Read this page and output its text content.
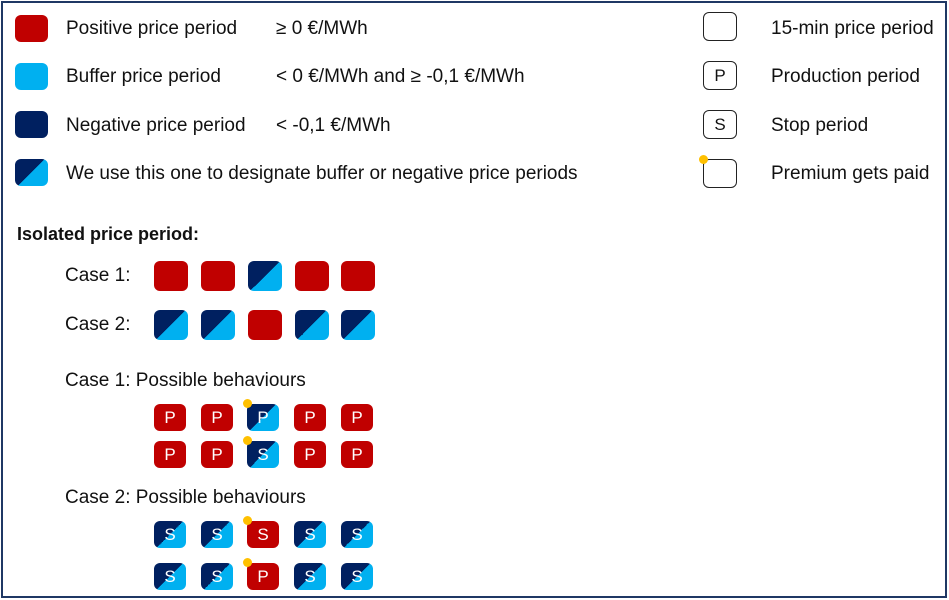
Positive price period ≥ 0 €/MWh
Buffer price period	< 0 €/MWh and ≥ -0,1 €/MWh
Negative price period < -0,1 €/MWh
We use this one to designate buffer or negative price periods
15-min price period
P Production period
S Stop period
Premium gets paid
Isolated price period:
Case 1:
Case 2:
Case 1: Possible behaviours
P P P P P
P P S P P
Case 2: Possible behaviours
S S S S S
S S P S S
